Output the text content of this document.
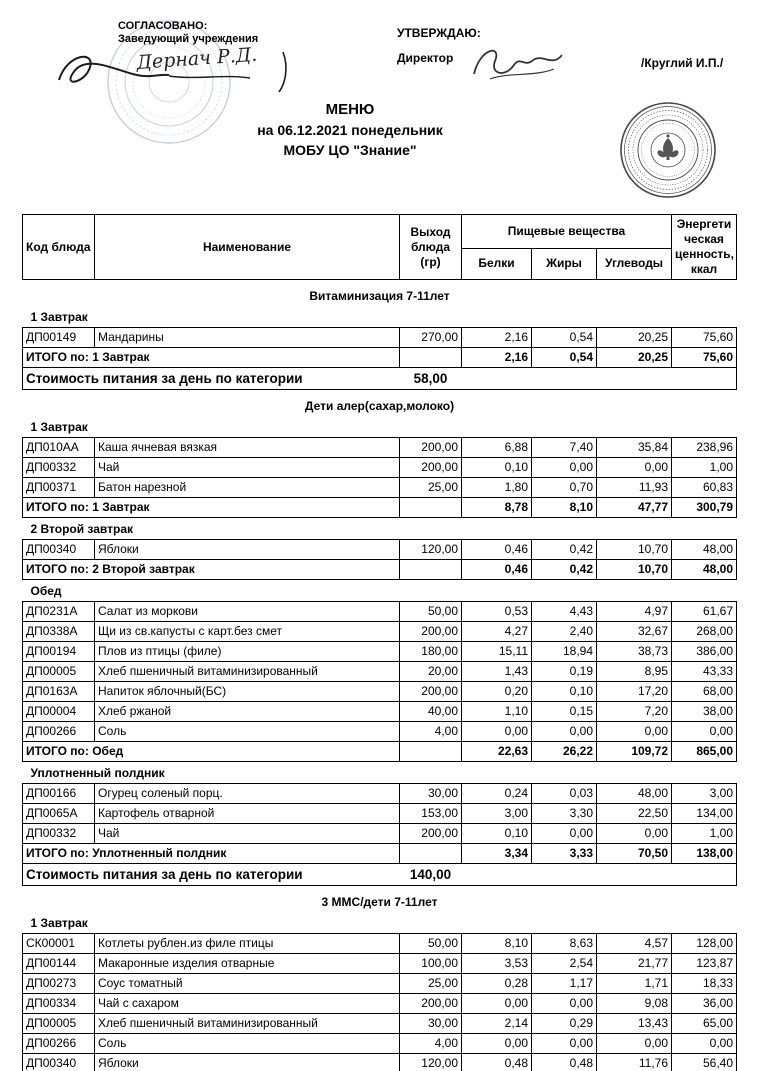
СОГЛАСОВАНО:
Заведующий учреждения
Дернач Р.Д.
УТВЕРЖДАЮ:
Директор	/Круглий И.П./
МЕНЮ
на 06.12.2021 понедельник
МОБУ ЦО "Знание"
Код блюда	Наименование	Выход блюда (гр)	Пищевые вещества			Энергети ческая ценность, ккал
			Белки	Жиры	Углеводы	
Витаминизация 7-11лет						
1 Завтрак						
ДП00149	Мандарины	270,00	2,16	0,54	20,25	75,60
ИТОГО по: 1 Завтрак			2,16	0,54	20,25	75,60
Стоимость питания за день по категории		58,00				
Дети алер(сахар,молоко)						
1 Завтрак						
ДП010АА	Каша ячневая вязкая	200,00	6,88	7,40	35,84	238,96
ДП00332	Чай	200,00	0,10	0,00	0,00	1,00
ДП00371	Батон нарезной	25,00	1,80	0,70	11,93	60,83
ИТОГО по: 1 Завтрак			8,78	8,10	47,77	300,79
2 Второй завтрак						
ДП00340	Яблоки	120,00	0,46	0,42	10,70	48,00
ИТОГО по: 2 Второй завтрак			0,46	0,42	10,70	48,00
Обед						
ДП0231А	Салат из моркови	50,00	0,53	4,43	4,97	61,67
ДП0338А	Щи из св.капусты с карт.без смет	200,00	4,27	2,40	32,67	268,00
ДП00194	Плов из птицы (филе)	180,00	15,11	18,94	38,73	386,00
ДП00005	Хлеб пшеничный витаминизированный	20,00	1,43	0,19	8,95	43,33
ДП0163А	Напиток яблочный(БС)	200,00	0,20	0,10	17,20	68,00
ДП00004	Хлеб ржаной	40,00	1,10	0,15	7,20	38,00
ДП00266	Соль	4,00	0,00	0,00	0,00	0,00
ИТОГО по: Обед			22,63	26,22	109,72	865,00
Уплотненный полдник						
ДП00166	Огурец соленый порц.	30,00	0,24	0,03	48,00	3,00
ДП0065А	Картофель отварной	153,00	3,00	3,30	22,50	134,00
ДП00332	Чай	200,00	0,10	0,00	0,00	1,00
ИТОГО по: Уплотненный полдник			3,34	3,33	70,50	138,00
Стоимость питания за день по категории		140,00				
3 ММС/дети 7-11лет						
1 Завтрак						
СК00001	Котлеты рублен.из филе птицы	50,00	8,10	8,63	4,57	128,00
ДП00144	Макаронные изделия отварные	100,00	3,53	2,54	21,77	123,87
ДП00273	Соус томатный	25,00	0,28	1,17	1,71	18,33
ДП00334	Чай с сахаром	200,00	0,00	0,00	9,08	36,00
ДП00005	Хлеб пшеничный витаминизированный	30,00	2,14	0,29	13,43	65,00
ДП00266	Соль	4,00	0,00	0,00	0,00	0,00
ДП00340	Яблоки	120,00	0,48	0,48	11,76	56,40
